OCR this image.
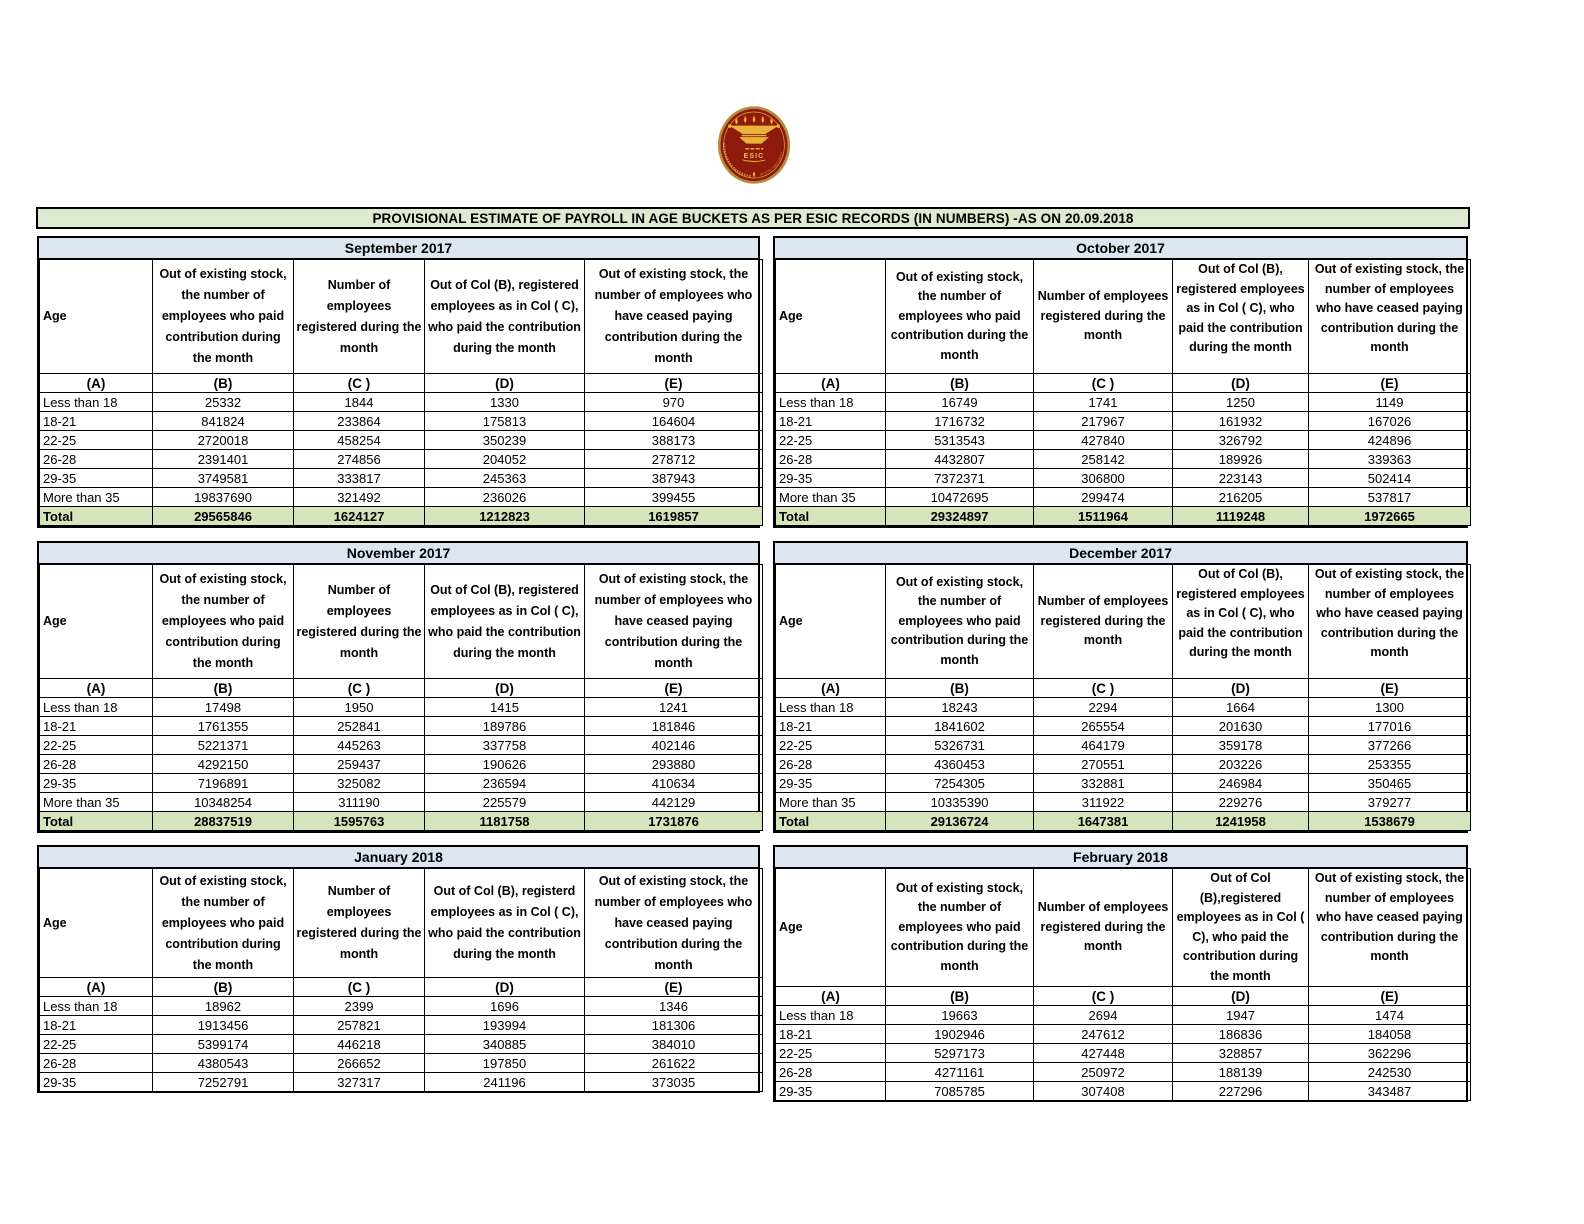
ESIC
SOCIAL SECURITY
PROVISIONAL ESTIMATE OF PAYROLL IN AGE BUCKETS AS PER ESIC RECORDS (IN NUMBERS) -AS ON 20.09.2018
September 2017
Age	Out of existing stock, the number of employees who paid contribution during the month	Number of employees registered during the month	Out of Col (B), registered employees as in Col ( C), who paid the contribution during the month	Out of existing stock, the number of employees who have ceased paying contribution during the month

(A)	(B)	(C )	(D)	(E)
Less than 18	25332	1844	1330	970
18-21	841824	233864	175813	164604
22-25	2720018	458254	350239	388173
26-28	2391401	274856	204052	278712
29-35	3749581	333817	245363	387943
More than 35	19837690	321492	236026	399455
Total	29565846	1624127	1212823	1619857
October 2017
Age	Out of existing stock, the number of employees who paid contribution during the month	Number of employees registered during the month	Out of Col (B), registered employees as in Col ( C), who paid the contribution during the month	Out of existing stock, the number of employees who have ceased paying contribution during the month

(A)	(B)	(C )	(D)	(E)
Less than 18	16749	1741	1250	1149
18-21	1716732	217967	161932	167026
22-25	5313543	427840	326792	424896
26-28	4432807	258142	189926	339363
29-35	7372371	306800	223143	502414
More than 35	10472695	299474	216205	537817
Total	29324897	1511964	1119248	1972665
November 2017
Age	Out of existing stock, the number of employees who paid contribution during the month	Number of employees registered during the month	Out of Col (B), registered employees as in Col ( C), who paid the contribution during the month	Out of existing stock, the number of employees who have ceased paying contribution during the month

(A)	(B)	(C )	(D)	(E)
Less than 18	17498	1950	1415	1241
18-21	1761355	252841	189786	181846
22-25	5221371	445263	337758	402146
26-28	4292150	259437	190626	293880
29-35	7196891	325082	236594	410634
More than 35	10348254	311190	225579	442129
Total	28837519	1595763	1181758	1731876
December 2017
Age	Out of existing stock, the number of employees who paid contribution during the month	Number of employees registered during the month	Out of Col (B), registered employees as in Col ( C), who paid the contribution during the month	Out of existing stock, the number of employees who have ceased paying contribution during the month

(A)	(B)	(C )	(D)	(E)
Less than 18	18243	2294	1664	1300
18-21	1841602	265554	201630	177016
22-25	5326731	464179	359178	377266
26-28	4360453	270551	203226	253355
29-35	7254305	332881	246984	350465
More than 35	10335390	311922	229276	379277
Total	29136724	1647381	1241958	1538679
January 2018
Age	Out of existing stock, the number of employees who paid contribution during the month	Number of employees registered during the month	Out of Col (B), registerd employees as in Col ( C), who paid the contribution during the month	Out of existing stock, the number of employees who have ceased paying contribution during the month

(A)	(B)	(C )	(D)	(E)
Less than 18	18962	2399	1696	1346
18-21	1913456	257821	193994	181306
22-25	5399174	446218	340885	384010
26-28	4380543	266652	197850	261622
29-35	7252791	327317	241196	373035
February 2018
Age	Out of existing stock, the number of employees who paid contribution during the month	Number of employees registered during the month	Out of Col (B),registered employees as in Col ( C), who paid the contribution during the month	Out of existing stock, the number of employees who have ceased paying contribution during the month

(A)	(B)	(C )	(D)	(E)
Less than 18	19663	2694	1947	1474
18-21	1902946	247612	186836	184058
22-25	5297173	427448	328857	362296
26-28	4271161	250972	188139	242530
29-35	7085785	307408	227296	343487
